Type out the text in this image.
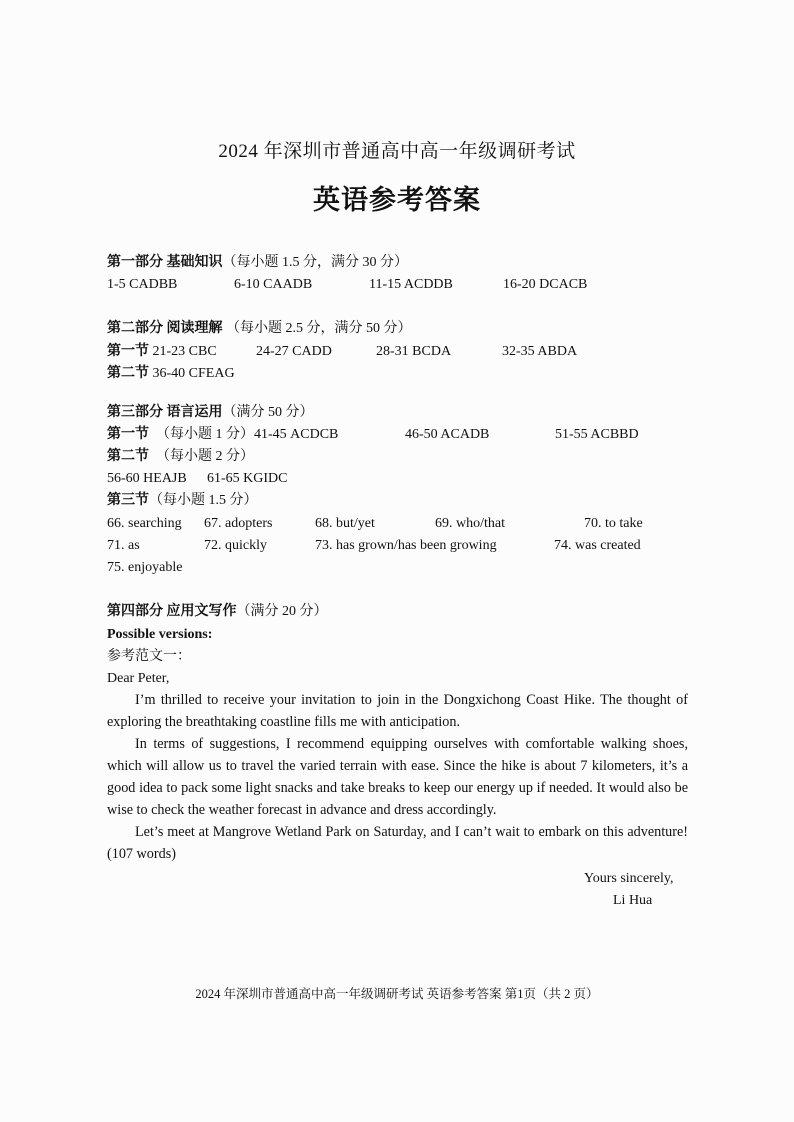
2024 年深圳市普通高中高一年级调研考试
英语参考答案
第一部分 基础知识（每小题 1.5 分，满分 30 分）
1-5 CADBB	6-10 CAADB	11-15 ACDDB	16-20 DCACB
第二部分 阅读理解 （每小题 2.5 分，满分 50 分）
第一节 21-23 CBC	24-27 CADD	28-31 BCDA	32-35 ABDA
第二节 36-40 CFEAG
第三部分 语言运用（满分 50 分）
第一节 （每小题 1 分）41-45 ACDCB	46-50 ACADB	51-55 ACBBD
第二节 （每小题 2 分）
56-60 HEAJB 61-65 KGIDC
第三节（每小题 1.5 分）
66. searching 67. adopters	68. but/yet	69. who/that	70. to take
71. as	72. quickly	73. has grown/has been growing	74. was created
75. enjoyable
第四部分 应用文写作（满分 20 分）
Possible versions:
参考范文一：
Dear Peter,
I’m thrilled to receive your invitation to join in the Dongxichong Coast Hike. The thought of exploring the breathtaking coastline fills me with anticipation.
In terms of suggestions, I recommend equipping ourselves with comfortable walking shoes, which will allow us to travel the varied terrain with ease. Since the hike is about 7 kilometers, it’s a good idea to pack some light snacks and take breaks to keep our energy up if needed. It would also be wise to check the weather forecast in advance and dress accordingly.
Let’s meet at Mangrove Wetland Park on Saturday, and I can’t wait to embark on this adventure! (107 words)
Yours sincerely,
Li Hua
2024 年深圳市普通高中高一年级调研考试 英语参考答案 第1页（共 2 页）
